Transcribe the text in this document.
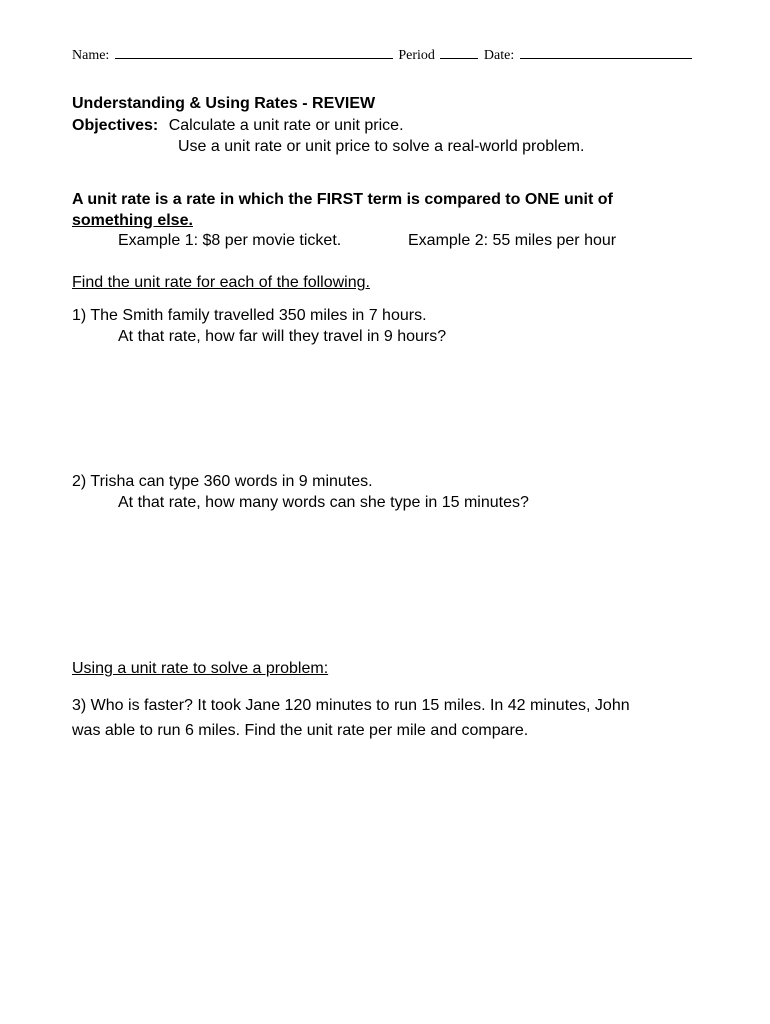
Name:	Period	Date:
Understanding & Using Rates - REVIEW
Objectives: Calculate a unit rate or unit price.
Use a unit rate or unit price to solve a real-world problem.
A unit rate is a rate in which the FIRST term is compared to ONE unit of
something else.
Example 1: $8 per movie ticket.	Example 2: 55 miles per hour
Find the unit rate for each of the following.
1) The Smith family travelled 350 miles in 7 hours.
At that rate, how far will they travel in 9 hours?
2) Trisha can type 360 words in 9 minutes.
At that rate, how many words can she type in 15 minutes?
Using a unit rate to solve a problem:
3) Who is faster? It took Jane 120 minutes to run 15 miles. In 42 minutes, John
was able to run 6 miles. Find the unit rate per mile and compare.
